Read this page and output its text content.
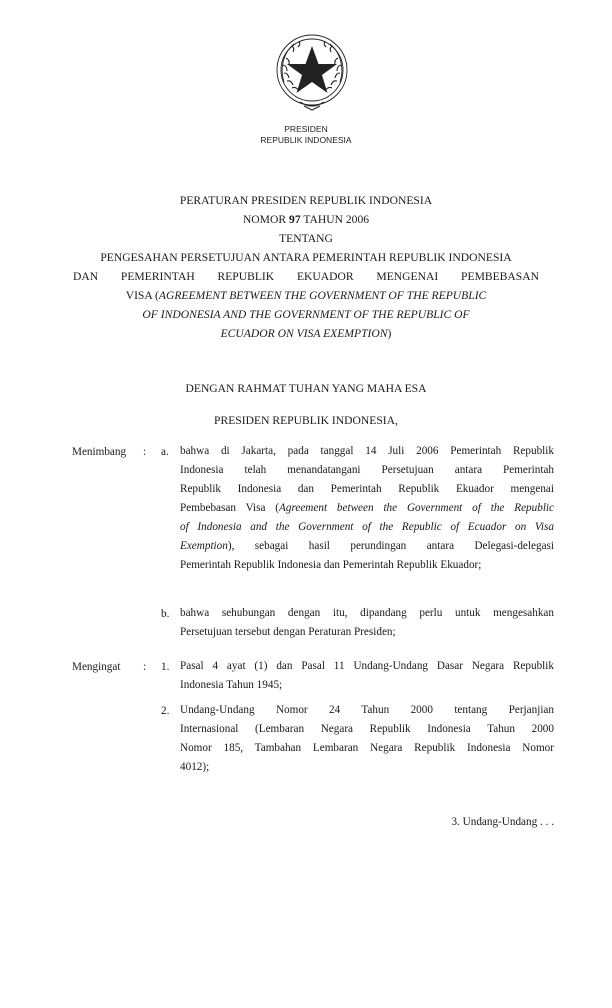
PRESIDEN
REPUBLIK INDONESIA
PERATURAN PRESIDEN REPUBLIK INDONESIA
NOMOR 97 TAHUN 2006
TENTANG
PENGESAHAN PERSETUJUAN ANTARA PEMERINTAH REPUBLIK INDONESIA
DAN PEMERINTAH REPUBLIK EKUADOR MENGENAI PEMBEBASAN
VISA (AGREEMENT BETWEEN THE GOVERNMENT OF THE REPUBLIC
OF INDONESIA AND THE GOVERNMENT OF THE REPUBLIC OF
ECUADOR ON VISA EXEMPTION)
DENGAN RAHMAT TUHAN YANG MAHA ESA
PRESIDEN REPUBLIK INDONESIA,
Menimbang : a. bahwa di Jakarta, pada tanggal 14 Juli 2006 Pemerintah Republik
Indonesia telah menandatangani Persetujuan antara Pemerintah
Republik Indonesia dan Pemerintah Republik Ekuador mengenai
Pembebasan Visa (Agreement between the Government of the Republic
of Indonesia and the Government of the Republic of Ecuador on Visa
Exemption), sebagai hasil perundingan antara Delegasi-delegasi
Pemerintah Republik Indonesia dan Pemerintah Republik Ekuador;
b. bahwa sehubungan dengan itu, dipandang perlu untuk mengesahkan
Persetujuan tersebut dengan Peraturan Presiden;
Mengingat : 1. Pasal 4 ayat (1) dan Pasal 11 Undang-Undang Dasar Negara Republik
Indonesia Tahun 1945;
2. Undang-Undang Nomor 24 Tahun 2000 tentang Perjanjian
Internasional (Lembaran Negara Republik Indonesia Tahun 2000
Nomor 185, Tambahan Lembaran Negara Republik Indonesia Nomor
4012);
3. Undang-Undang . . .
